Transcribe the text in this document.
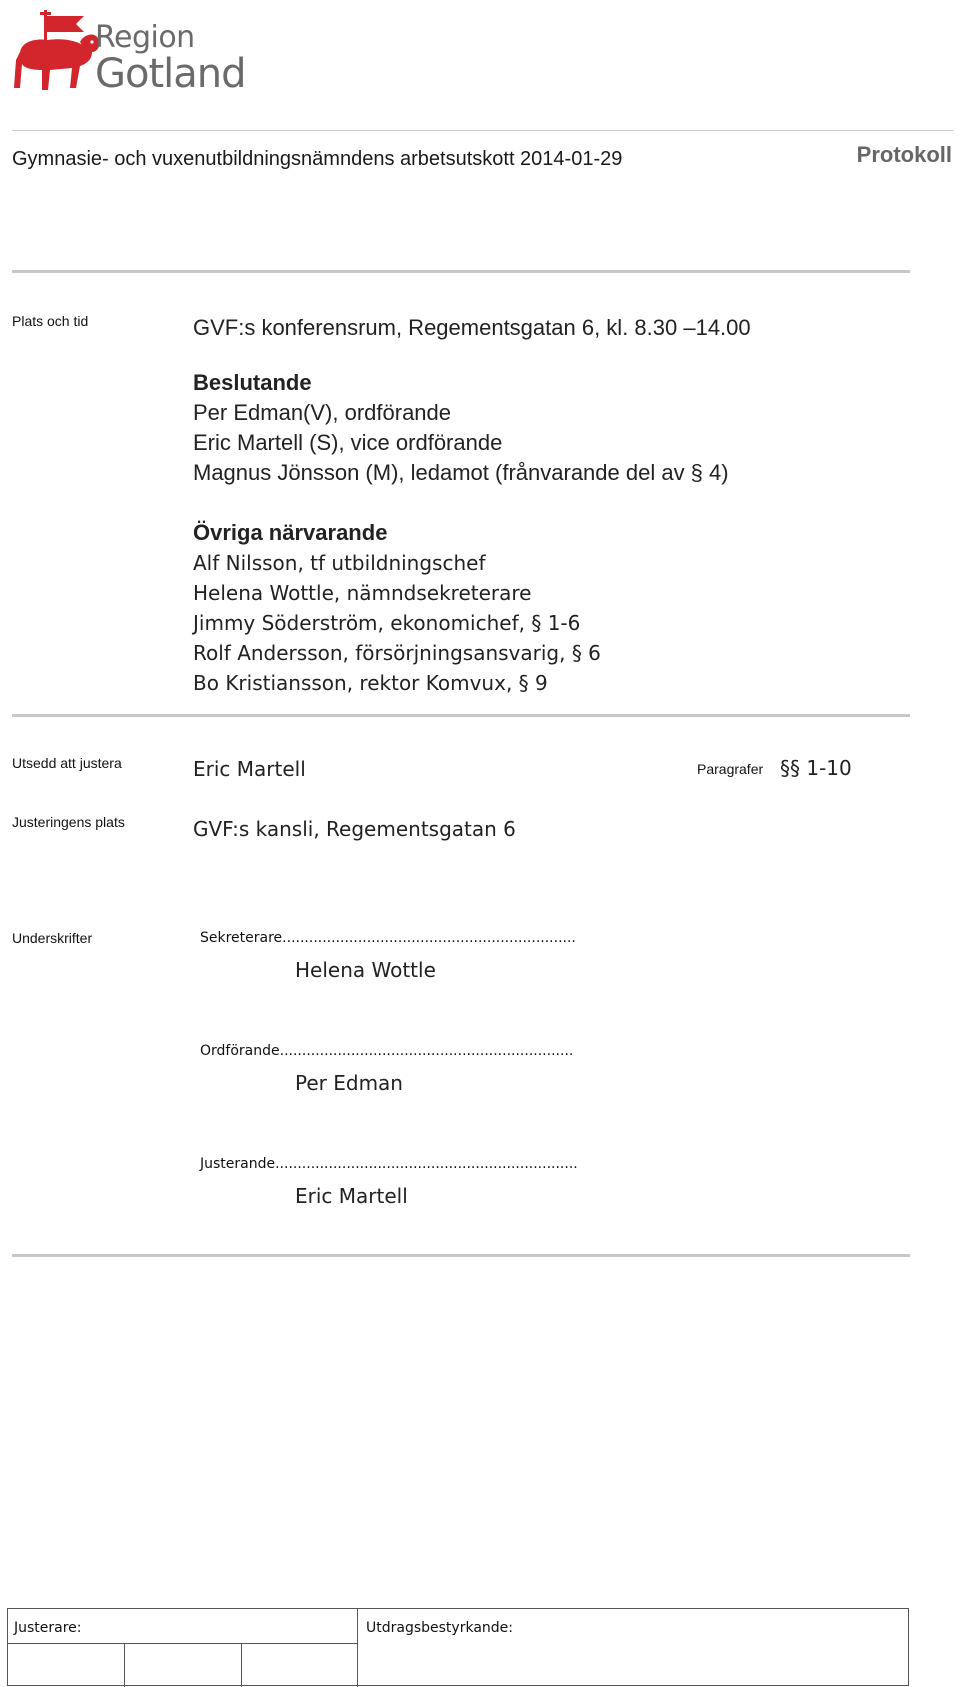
Region
Gotland
Gymnasie- och vuxenutbildningsnämndens arbetsutskott 2014-01-29	Protokoll
Plats och tid	GVF:s konferensrum, Regementsgatan 6, kl. 8.30 –14.00
Beslutande
Per Edman(V), ordförande
Eric Martell (S), vice ordförande
Magnus Jönsson (M), ledamot (frånvarande del av § 4)
Övriga närvarande
Alf Nilsson, tf utbildningschef
Helena Wottle, nämndsekreterare
Jimmy Söderström, ekonomichef, § 1-6
Rolf Andersson, försörjningsansvarig, § 6
Bo Kristiansson, rektor Komvux, § 9
Utsedd att justera	Eric Martell	Paragrafer §§ 1-10
Justeringens plats	GVF:s kansli, Regementsgatan 6
Underskrifter	Sekreterare..................................................................
Helena Wottle
Ordförande..................................................................
Per Edman
Justerande....................................................................
Eric Martell
Justerare:	Utdragsbestyrkande:
